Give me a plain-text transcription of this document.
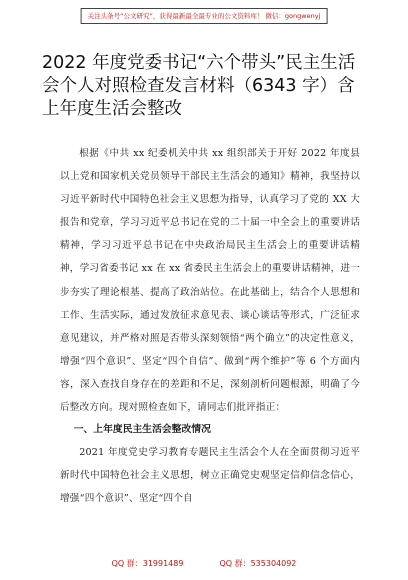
关注头条号“公文研究”，获得最新最全最专业的公文资料库！ 微信：gongwenyj
2022 年度党委书记“六个带头”民主生活会个人对照检查发言材料（6343 字）含上年度生活会整改

根据《中共 xx 纪委机关中共 xx 组织部关于开好 2022 年度县以上党和国家机关党员领导干部民主生活会的通知》精神，我坚持以习近平新时代中国特色社会主义思想为指导，认真学习了党的 XX 大报告和党章，学习习近平总书记在党的二十届一中全会上的重要讲话精神，学习习近平总书记在中央政治局民主生活会上的重要讲话精神，学习省委书记 xx 在 xx 省委民主生活会上的重要讲话精神，进一步夯实了理论根基、提高了政治站位。在此基础上，结合个人思想和工作、生活实际，通过发放征求意见表、谈心谈话等形式，广泛征求意见建议，并严格对照是否带头深刻领悟“两个确立”的决定性意义，增强“四个意识”、坚定“四个自信”、做到“两个维护”等 6 个方面内容，深入查找自身存在的差距和不足，深刻剖析问题根源，明确了今后整改方向。现对照检查如下，请同志们批评指正：

一、上年度民主生活会整改情况

2021 年度党史学习教育专题民主生活会个人在全面贯彻习近平新时代中国特色社会主义思想，树立正确党史观坚定信仰信念信心，增强“四个意识”、坚定“四个自

QQ 群：31991489	QQ 群：535304092
